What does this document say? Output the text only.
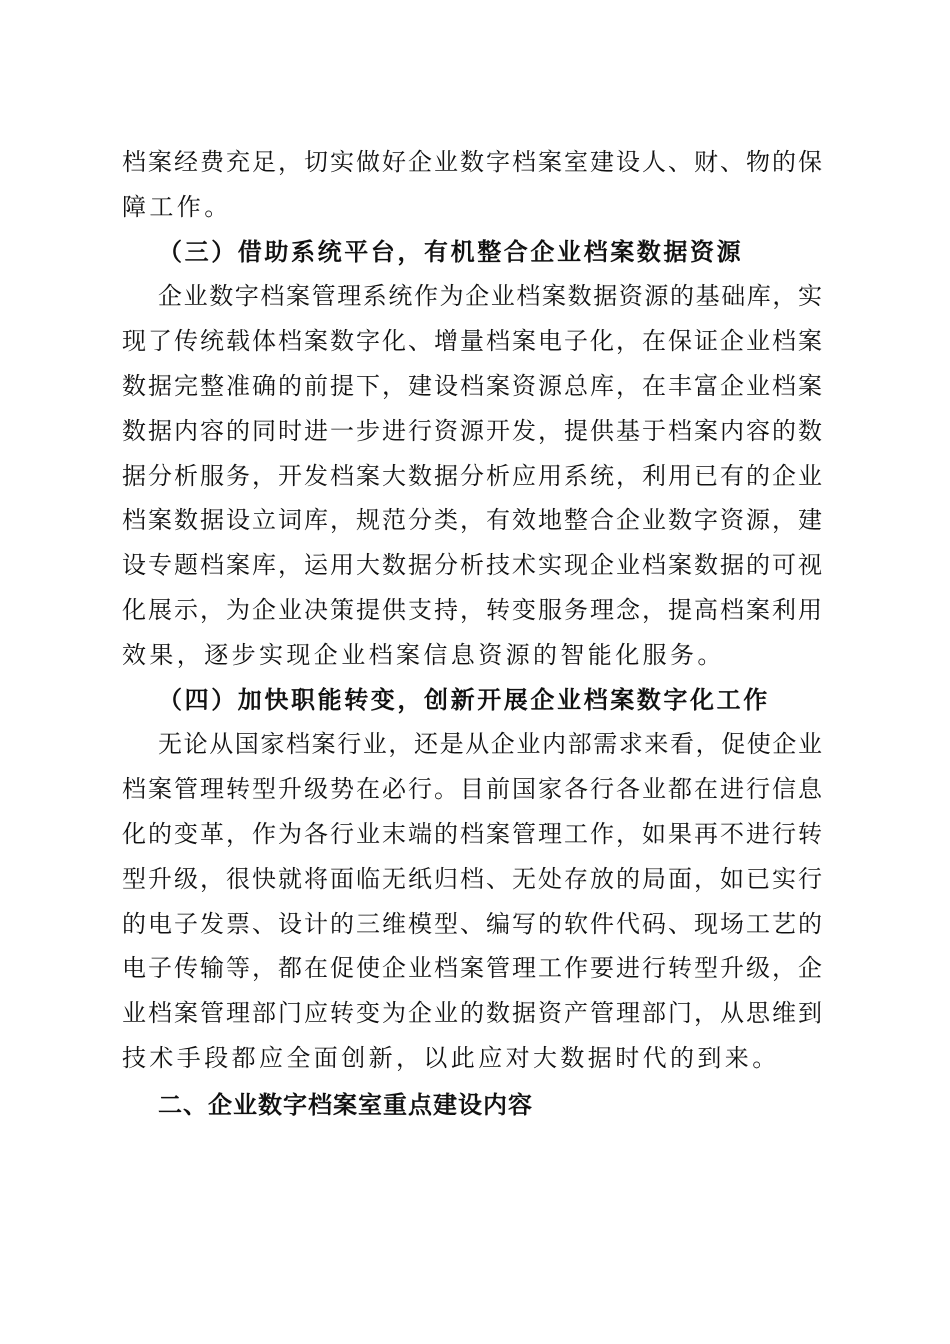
档案经费充足，切实做好企业数字档案室建设人、财、物的保
障工作。
（三）借助系统平台，有机整合企业档案数据资源
企业数字档案管理系统作为企业档案数据资源的基础库，实
现了传统载体档案数字化、增量档案电子化，在保证企业档案
数据完整准确的前提下，建设档案资源总库，在丰富企业档案
数据内容的同时进一步进行资源开发，提供基于档案内容的数
据分析服务，开发档案大数据分析应用系统，利用已有的企业
档案数据设立词库，规范分类，有效地整合企业数字资源，建
设专题档案库，运用大数据分析技术实现企业档案数据的可视
化展示，为企业决策提供支持，转变服务理念，提高档案利用
效果，逐步实现企业档案信息资源的智能化服务。
（四）加快职能转变，创新开展企业档案数字化工作
无论从国家档案行业，还是从企业内部需求来看，促使企业
档案管理转型升级势在必行。目前国家各行各业都在进行信息
化的变革，作为各行业末端的档案管理工作，如果再不进行转
型升级，很快就将面临无纸归档、无处存放的局面，如已实行
的电子发票、设计的三维模型、编写的软件代码、现场工艺的
电子传输等，都在促使企业档案管理工作要进行转型升级，企
业档案管理部门应转变为企业的数据资产管理部门，从思维到
技术手段都应全面创新，以此应对大数据时代的到来。
二、企业数字档案室重点建设内容
